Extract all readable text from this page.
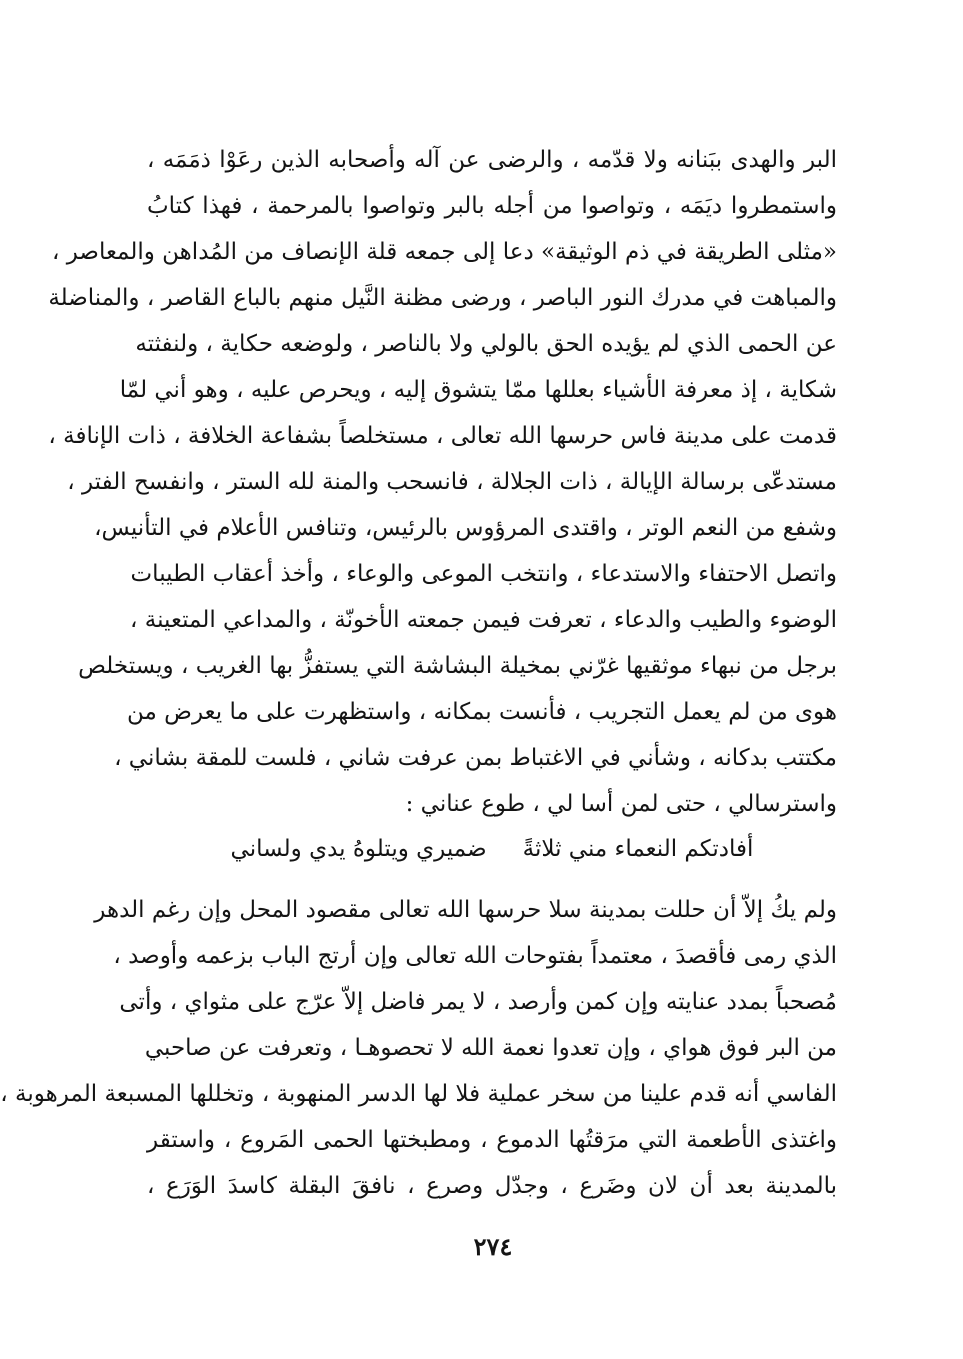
البر والهدى ببَنانه ولا قدّمه ، والرضى عن آله وأصحابه الذين رعَوْا ذمَمَه ،
واستمطروا ديَمَه ، وتواصوا من أجله بالبر وتواصوا بالمرحمة ، فهذا كتابُ
«مثلى الطريقة في ذم الوثيقة» دعا إلى جمعه قلة الإنصاف من المُداهن والمعاصر ،
والمباهت في مدرك النور الباصر ، ورضى مظنة النَّيل منهم بالباع القاصر ، والمناضلة
عن الحمى الذي لم يؤيده الحق بالولي ولا بالناصر ، ولوضعه حكاية ، ولنفثته
شكاية ، إذ معرفة الأشياء بعللها ممّا يتشوق إليه ، ويحرص عليه ، وهو أني لمّا
قدمت على مدينة فاس حرسها الله تعالى ، مستخلصاً بشفاعة الخلافة ، ذات الإنافة ،
مستدعّى برسالة الإيالة ، ذات الجلالة ، فانسحب والمنة لله الستر ، وانفسح الفتر ،
وشفع من النعم الوتر ، واقتدى المرؤوس بالرئيس، وتنافس الأعلام في التأنيس،
واتصل الاحتفاء والاستدعاء ، وانتخب الموعى والوعاء ، وأخذ أعقاب الطيبات
الوضوء والطيب والدعاء ، تعرفت فيمن جمعته الأخونّة ، والمداعي المتعينة ،
برجل من نبهاء موثقيها غرّني بمخيلة البشاشة التي يستفزُّ بها الغريب ، ويستخلص
هوى من لم يعمل التجريب ، فأنست بمكانه ، واستظهرت على ما يعرض من
مكتتب بدكانه ، وشأني في الاغتباط بمن عرفت شاني ، فلست للمقة بشاني ،
واسترسالي ، حتى لمن أسا لي ، طوع عناني :
أفادتكم النعماء مني ثلاثةًضميري ويتلوهُ يدي ولساني
ولم يكُ إلاّ أن حللت بمدينة سلا حرسها الله تعالى مقصود المحل وإن رغم الدهر
الذي رمى فأقصدَ ، معتمداً بفتوحات الله تعالى وإن أرتج الباب بزعمه وأوصد ،
مُصحباً بمدد عنايته وإن كمن وأرصد ، لا يمر فاضل إلاّ عرّج على مثواي ، وأتى
من البر فوق هواي ، وإن تعدوا نعمة الله لا تحصوهـا ، وتعرفت عن صاحبي
الفاسي أنه قدم علينا من سخر عملية فلا لها الدسر المنهوبة ، وتخللها المسبعة المرهوبة ،
واغتذى الأطعمة التي مرَقتُها الدموع ، ومطبختها الحمى المَروع ، واستقر
بالمدينة بعد أن لان وضَرع ، وجدّل وصرع ، نافقَ البقلة كاسدَ الوَرَع ،
٢٧٤
